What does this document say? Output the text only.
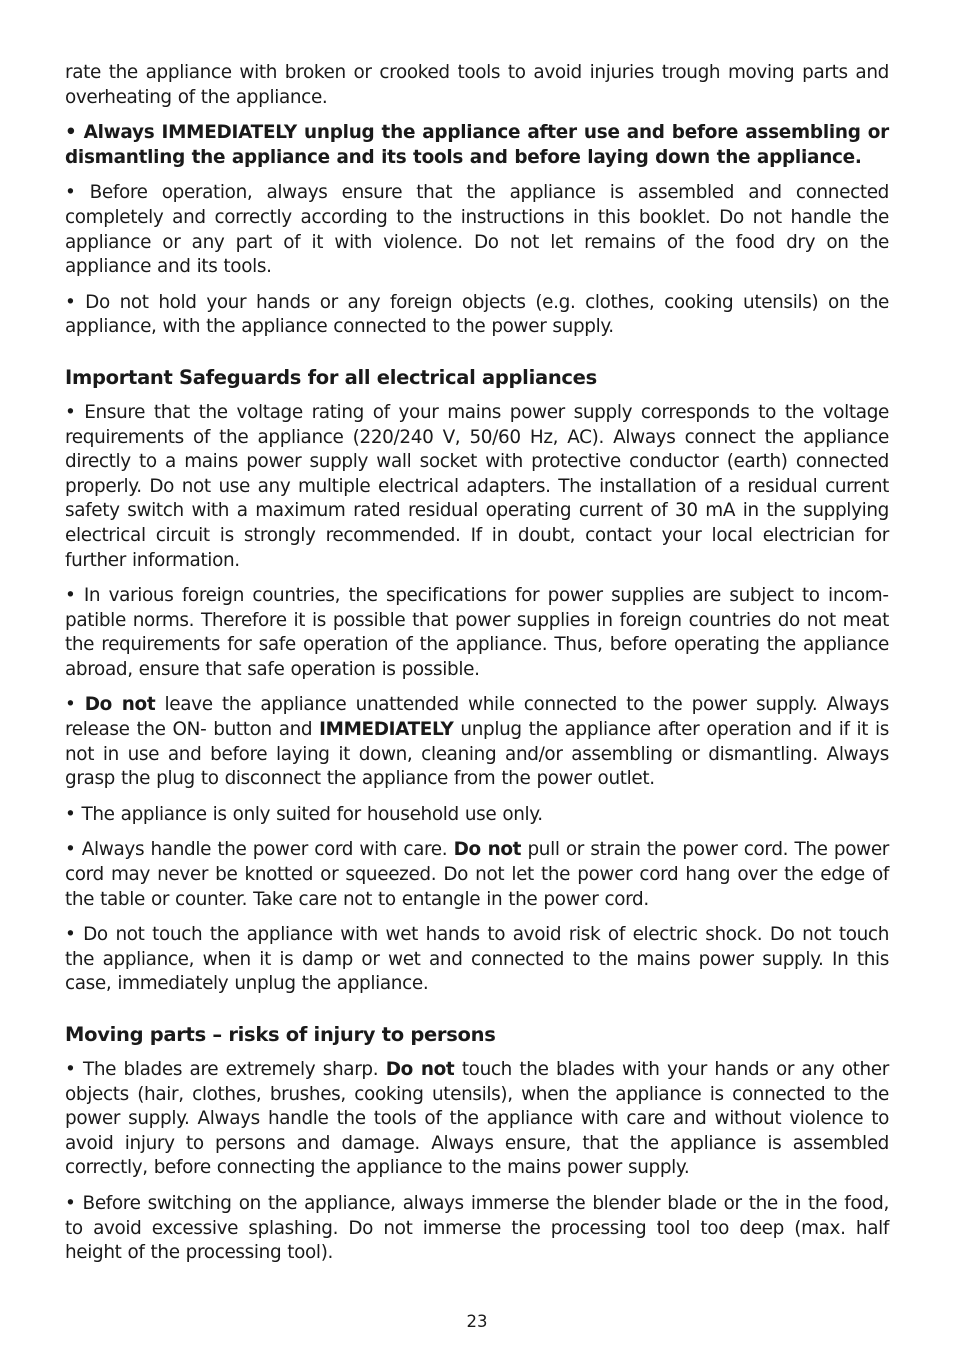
rate the appliance with broken or crooked tools to avoid injuries trough moving parts and overheating of the appliance.

• Always IMMEDIATELY unplug the appliance after use and before assembling or dismantling the appliance and its tools and before laying down the appliance.

• Before operation, always ensure that the appliance is assembled and connected completely and correctly according to the instructions in this booklet. Do not handle the appliance or any part of it with violence. Do not let remains of the food dry on the appliance and its tools.

• Do not hold your hands or any foreign objects (e.g. clothes, cooking utensils) on the appliance, with the appliance connected to the power supply.

Important Safeguards for all electrical appliances

• Ensure that the voltage rating of your mains power supply corresponds to the voltage requirements of the appliance (220/240 V, 50/60 Hz, AC). Always connect the appliance directly to a mains power supply wall socket with protective conductor (earth) connected properly. Do not use any multiple electrical adapters. The installation of a residual current safety switch with a maximum rated residual operating current of 30 mA in the supplying electrical circuit is strongly recommended. If in doubt, contact your local electrician for further information.

• In various foreign countries, the specifications for power supplies are subject to incompatible norms. Therefore it is possible that power supplies in foreign countries do not meat the requirements for safe operation of the appliance. Thus, before operating the appliance abroad, ensure that safe operation is possible.

• Do not leave the appliance unattended while connected to the power supply. Always release the ON- button and IMMEDIATELY unplug the appliance after operation and if it is not in use and before laying it down, cleaning and/or assembling or dismantling. Always grasp the plug to disconnect the appliance from the power outlet.

• The appliance is only suited for household use only.

• Always handle the power cord with care. Do not pull or strain the power cord. The power cord may never be knotted or squeezed. Do not let the power cord hang over the edge of the table or counter. Take care not to entangle in the power cord.

• Do not touch the appliance with wet hands to avoid risk of electric shock. Do not touch the appliance, when it is damp or wet and connected to the mains power supply. In this case, immediately unplug the appliance.

Moving parts – risks of injury to persons

• The blades are extremely sharp. Do not touch the blades with your hands or any other objects (hair, clothes, brushes, cooking utensils), when the appliance is connected to the power supply. Always handle the tools of the appliance with care and without violence to avoid injury to persons and damage. Always ensure, that the appliance is assembled correctly, before connecting the appliance to the mains power supply.

• Before switching on the appliance, always immerse the blender blade or the in the food, to avoid excessive splashing. Do not immerse the processing tool too deep (max. half height of the processing tool).

23
